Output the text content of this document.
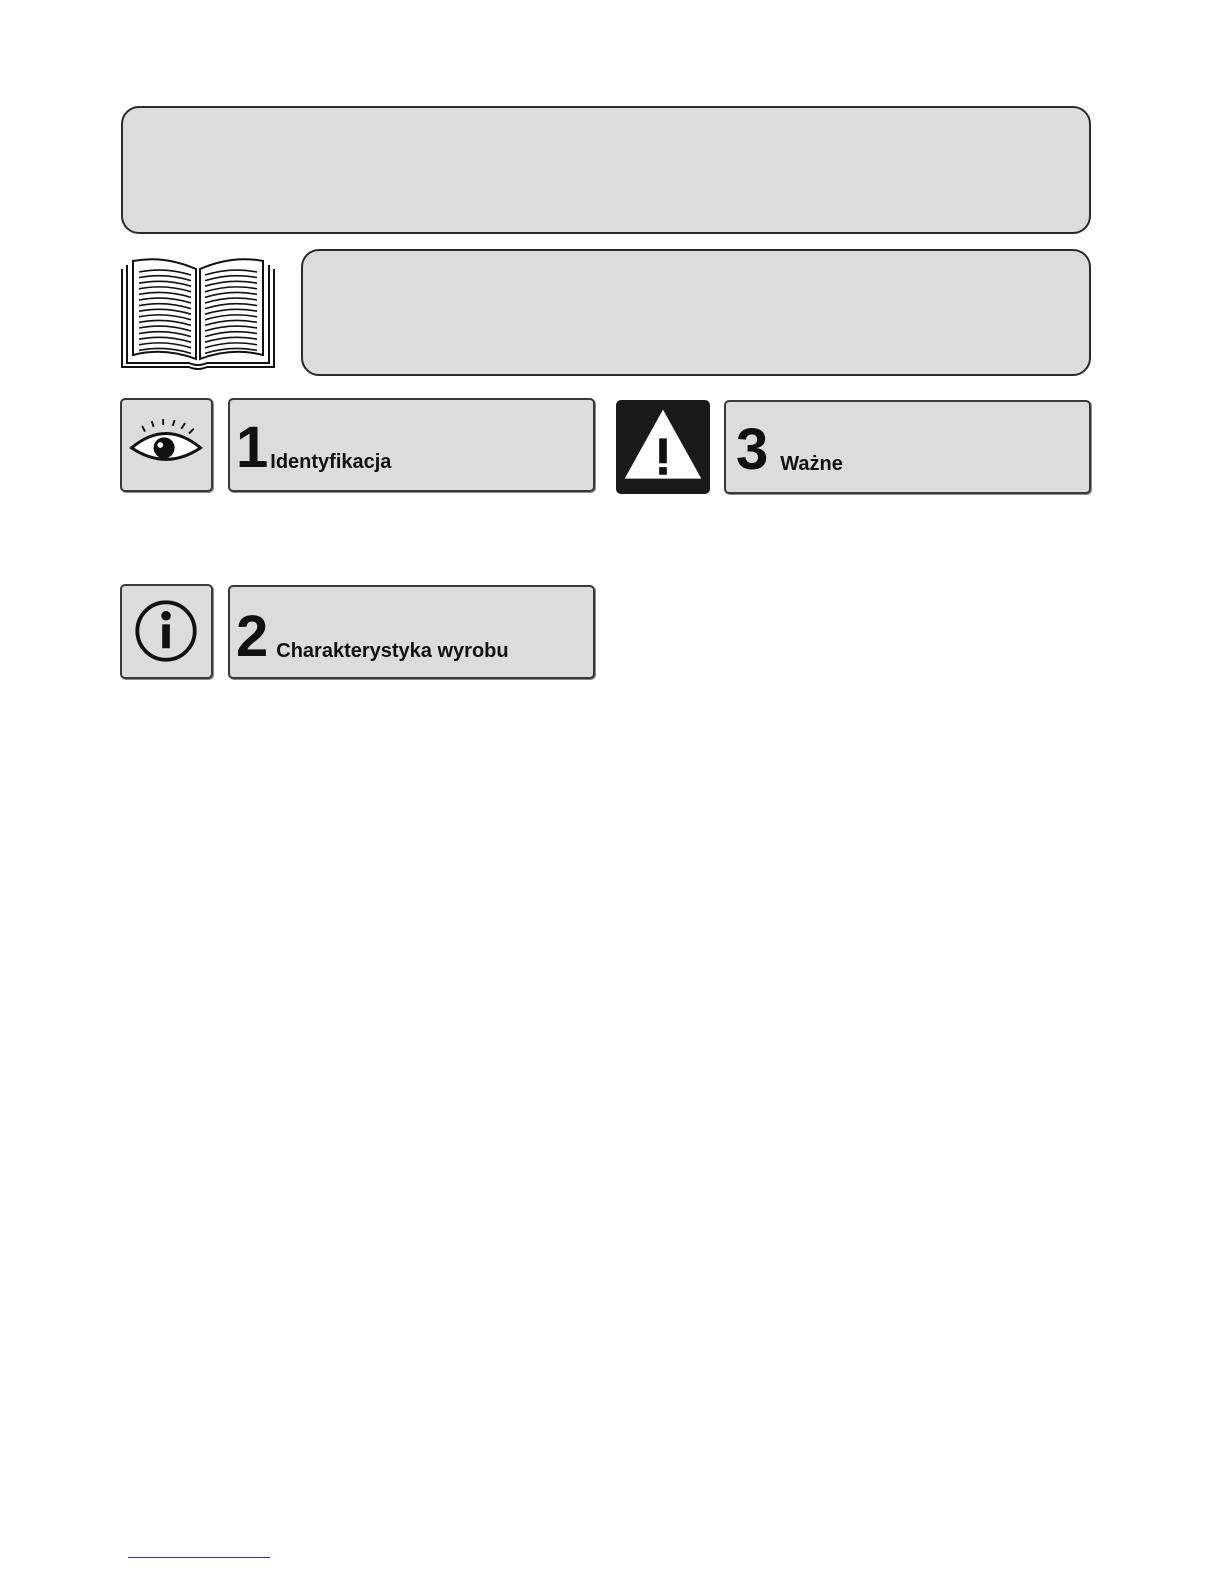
1 Identyfikacja	3 Ważne
2 Charakterystyka wyrobu
